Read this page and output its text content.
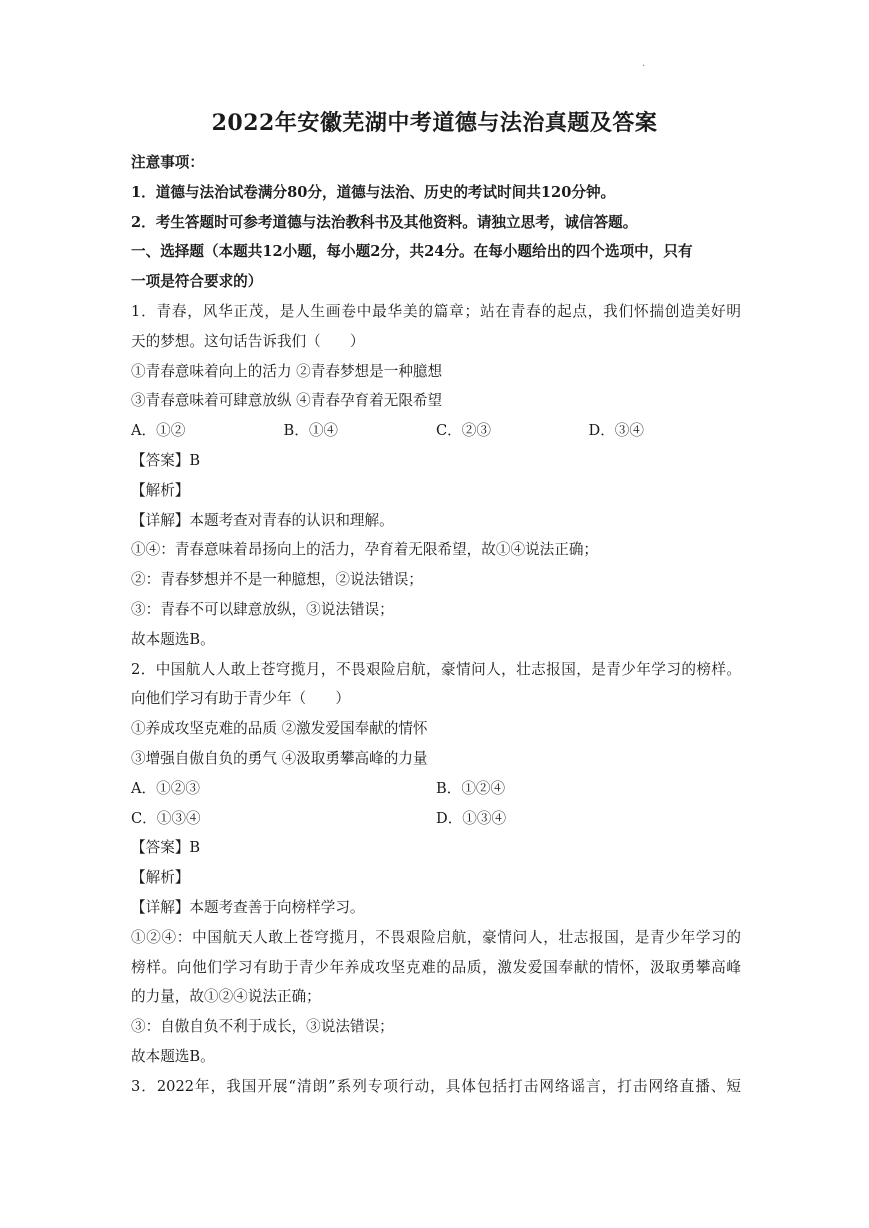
.
2022年安徽芜湖中考道德与法治真题及答案
注意事项：
1．道德与法治试卷满分80分，道德与法治、历史的考试时间共120分钟。
2．考生答题时可参考道德与法治教科书及其他资料。请独立思考，诚信答题。
一、选择题（本题共12小题，每小题2分，共24分。在每小题给出的四个选项中，只有
一项是符合要求的）
1．青春，风华正茂，是人生画卷中最华美的篇章；站在青春的起点，我们怀揣创造美好明
天的梦想。这句话告诉我们（　　）
①青春意味着向上的活力 ②青春梦想是一种臆想
③青春意味着可肆意放纵 ④青春孕育着无限希望
A．①②	B．①④	C．②③	D．③④
【答案】B
【解析】
【详解】本题考查对青春的认识和理解。
①④：青春意味着昂扬向上的活力，孕育着无限希望，故①④说法正确；
②：青春梦想并不是一种臆想，②说法错误；
③：青春不可以肆意放纵，③说法错误；
故本题选B。
2．中国航人人敢上苍穹揽月，不畏艰险启航，豪情问人，壮志报国，是青少年学习的榜样。
向他们学习有助于青少年（　　）
①养成攻坚克难的品质 ②激发爱国奉献的情怀
③增强自傲自负的勇气 ④汲取勇攀高峰的力量
A．①②③	B．①②④
C．①③④	D．①③④
【答案】B
【解析】
【详解】本题考查善于向榜样学习。
①②④：中国航天人敢上苍穹揽月，不畏艰险启航，豪情问人，壮志报国，是青少年学习的
榜样。向他们学习有助于青少年养成攻坚克难的品质，激发爱国奉献的情怀，汲取勇攀高峰
的力量，故①②④说法正确；
③：自傲自负不利于成长，③说法错误；
故本题选B。
3．2022年，我国开展“清朗”系列专项行动，具体包括打击网络谣言，打击网络直播、短
